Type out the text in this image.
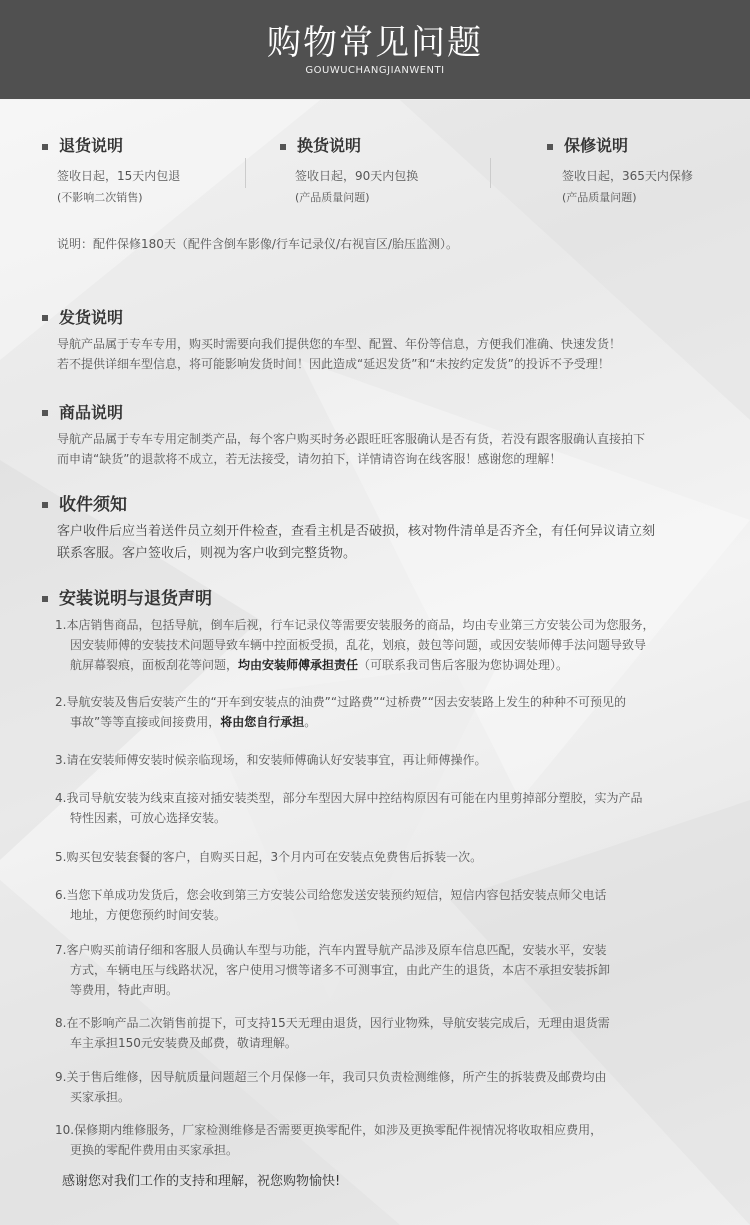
购物常见问题
GOUWUCHANGJIANWENTI
退货说明
签收日起，15天内包退
(不影响二次销售)
换货说明
签收日起，90天内包换
(产品质量问题)
保修说明
签收日起，365天内保修
(产品质量问题)
说明：配件保修180天（配件含倒车影像/行车记录仪/右视盲区/胎压监测）。
发货说明
导航产品属于专车专用，购买时需要向我们提供您的车型、配置、年份等信息，方便我们准确、快速发货！
若不提供详细车型信息，将可能影响发货时间！因此造成“延迟发货”和“未按约定发货”的投诉不予受理！
商品说明
导航产品属于专车专用定制类产品，每个客户购买时务必跟旺旺客服确认是否有货，若没有跟客服确认直接拍下
而申请“缺货”的退款将不成立，若无法接受，请勿拍下，详情请咨询在线客服！感谢您的理解！
收件须知
客户收件后应当着送件员立刻开件检查，查看主机是否破损，核对物件清单是否齐全，有任何异议请立刻
联系客服。客户签收后，则视为客户收到完整货物。
安装说明与退货声明
1.本店销售商品，包括导航，倒车后视，行车记录仪等需要安装服务的商品，均由专业第三方安装公司为您服务，
因安装师傅的安装技术问题导致车辆中控面板受损，乱花，划痕，鼓包等问题，或因安装师傅手法问题导致导
航屏幕裂痕，面板刮花等问题，均由安装师傅承担责任（可联系我司售后客服为您协调处理）。
2.导航安装及售后安装产生的“开车到安装点的油费”“过路费”“过桥费”“因去安装路上发生的种种不可预见的
事故”等等直接或间接费用，将由您自行承担。
3.请在安装师傅安装时候亲临现场，和安装师傅确认好安装事宜，再让师傅操作。
4.我司导航安装为线束直接对插安装类型，部分车型因大屏中控结构原因有可能在内里剪掉部分塑胶，实为产品
特性因素，可放心选择安装。
5.购买包安装套餐的客户，自购买日起，3个月内可在安装点免费售后拆装一次。
6.当您下单成功发货后，您会收到第三方安装公司给您发送安装预约短信，短信内容包括安装点师父电话
地址，方便您预约时间安装。
7.客户购买前请仔细和客服人员确认车型与功能，汽车内置导航产品涉及原车信息匹配，安装水平，安装
方式，车辆电压与线路状况，客户使用习惯等诸多不可测事宜，由此产生的退货，本店不承担安装拆卸
等费用，特此声明。
8.在不影响产品二次销售前提下，可支持15天无理由退货，因行业物殊，导航安装完成后，无理由退货需
车主承担150元安装费及邮费，敬请理解。
9.关于售后维修，因导航质量问题超三个月保修一年，我司只负责检测维修，所产生的拆装费及邮费均由
买家承担。
10.保修期内维修服务，厂家检测维修是否需要更换零配件，如涉及更换零配件视情况将收取相应费用，
更换的零配件费用由买家承担。
感谢您对我们工作的支持和理解，祝您购物愉快!
